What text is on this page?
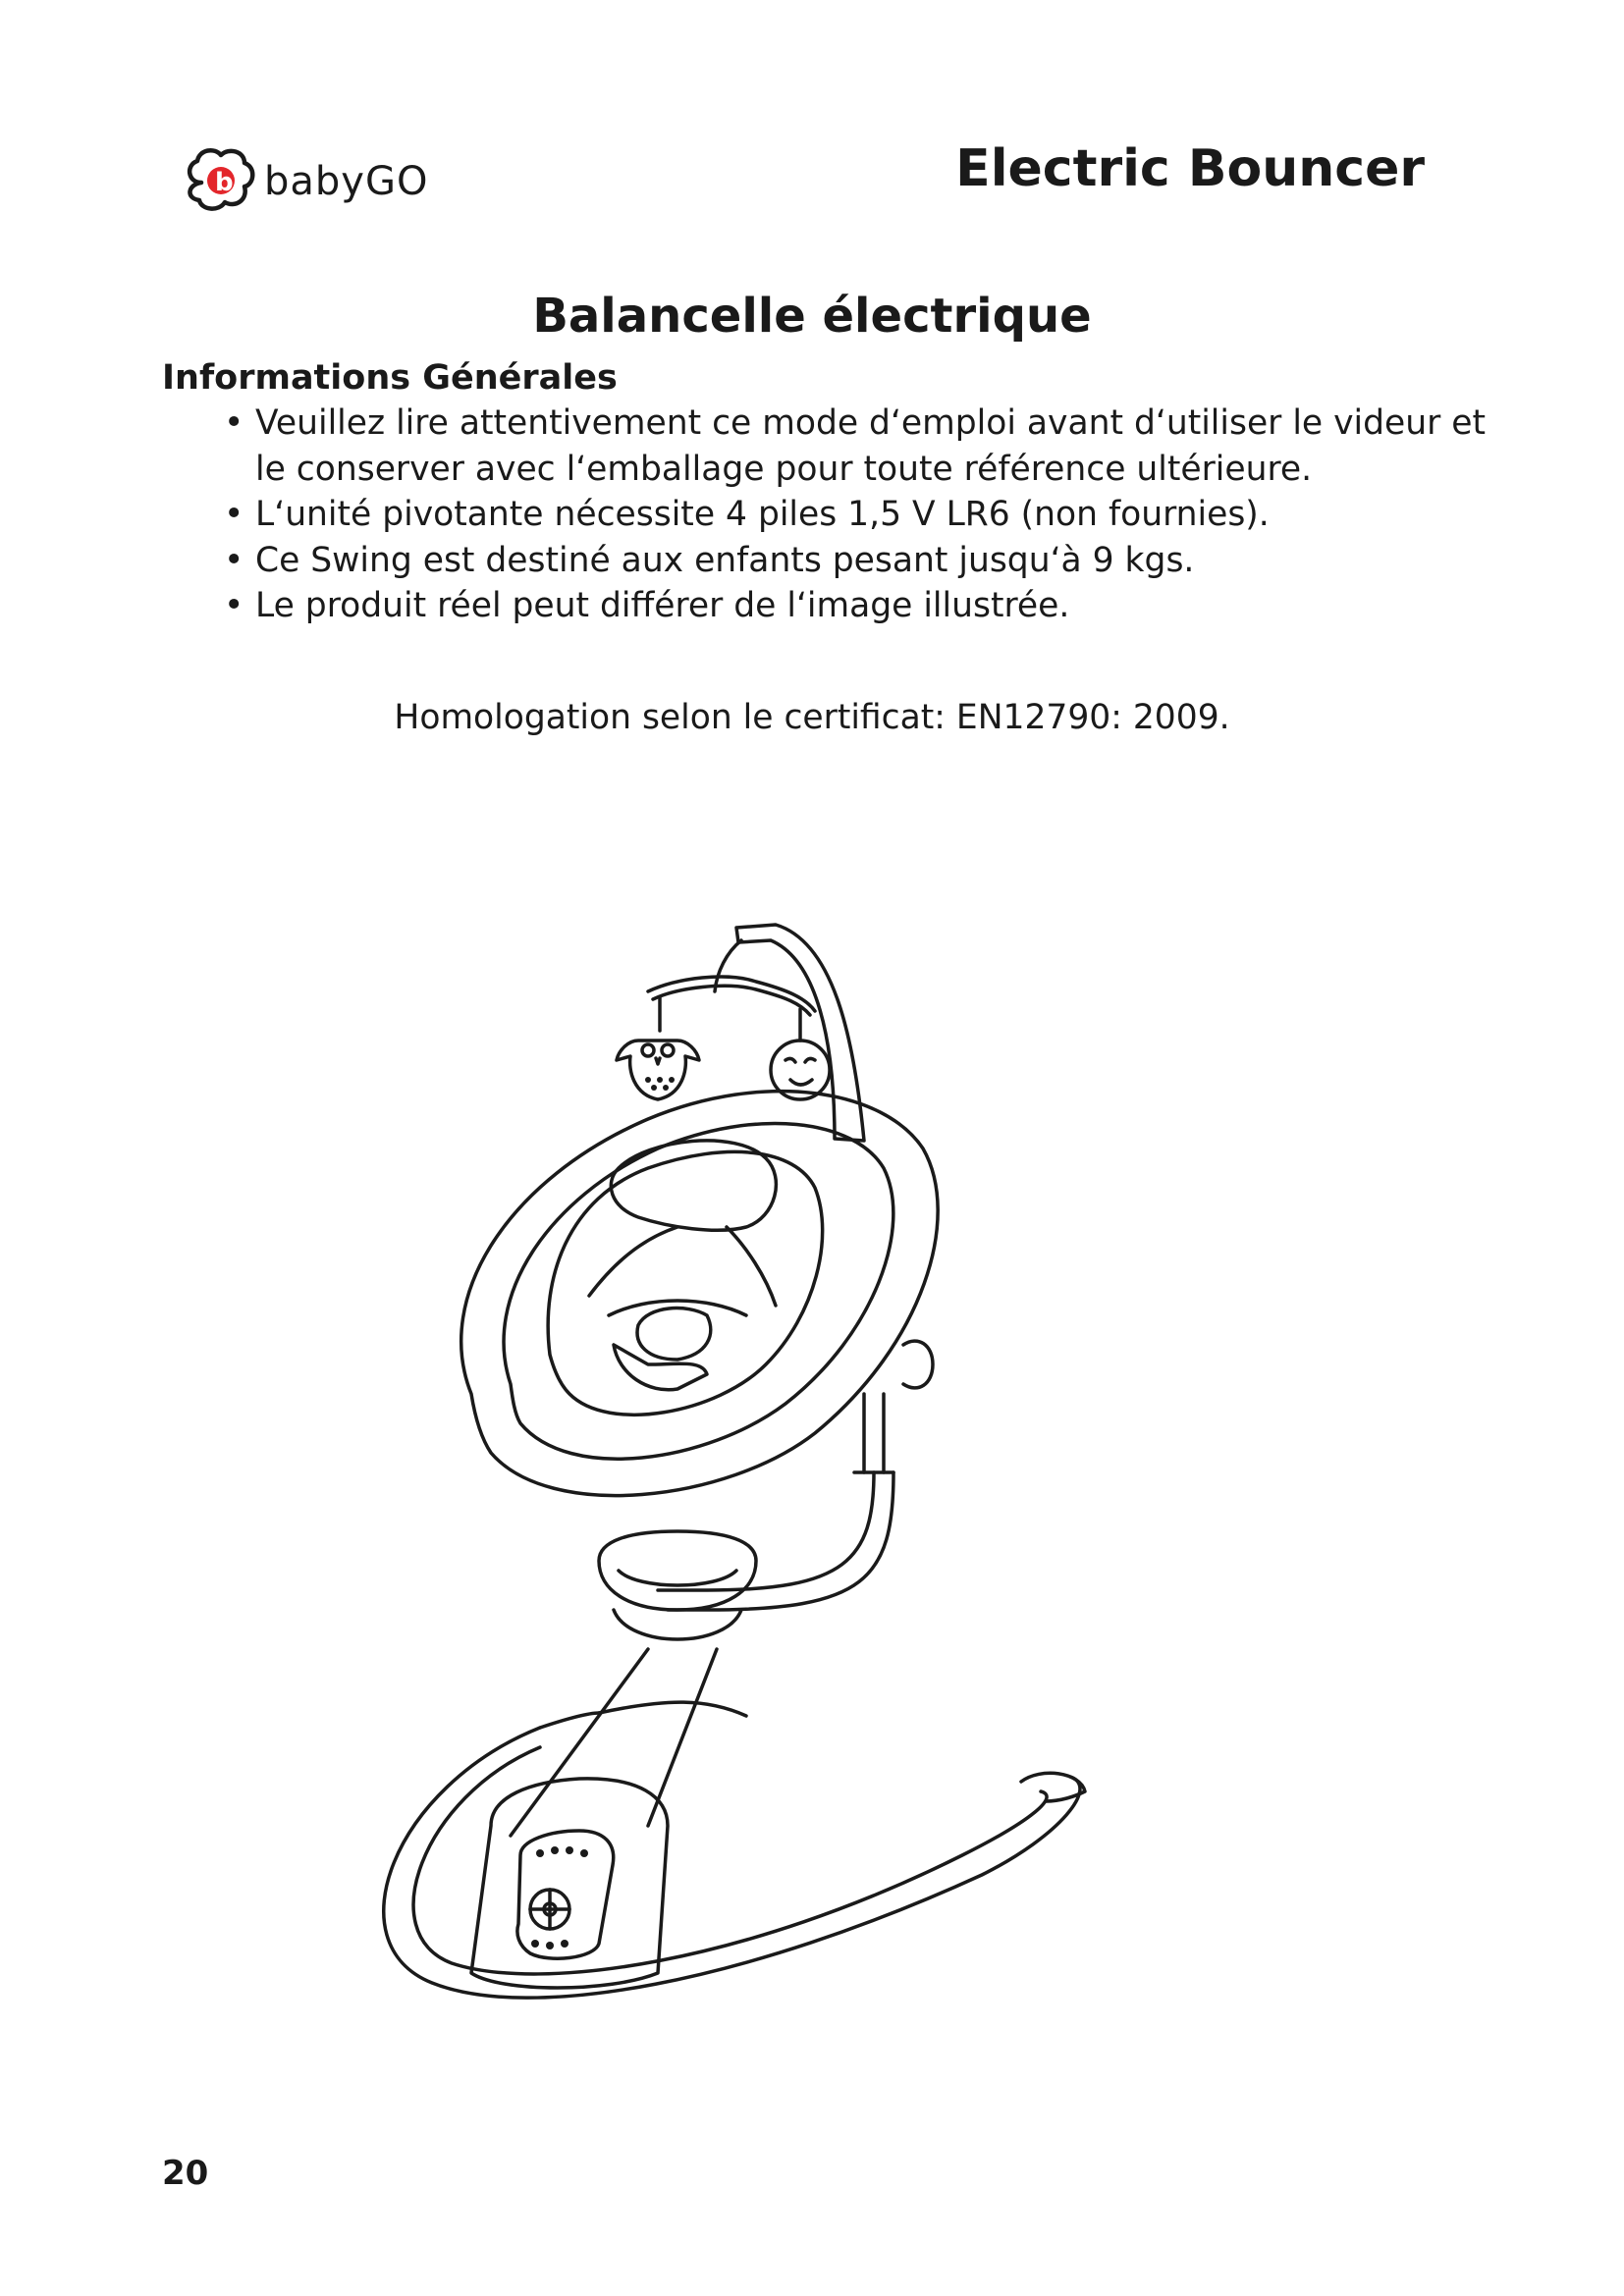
b babyGO	Electric Bouncer
Balancelle électrique
Informations Générales
• Veuillez lire attentivement ce mode d‘emploi avant d‘utiliser le videur et le conserver avec l‘emballage pour toute référence ultérieure.
• L‘unité pivotante nécessite 4 piles 1,5 V LR6 (non fournies).
• Ce Swing est destiné aux enfants pesant jusqu‘à 9 kgs.
• Le produit réel peut différer de l‘image illustrée.
Homologation selon le certificat: EN12790: 2009.
20
